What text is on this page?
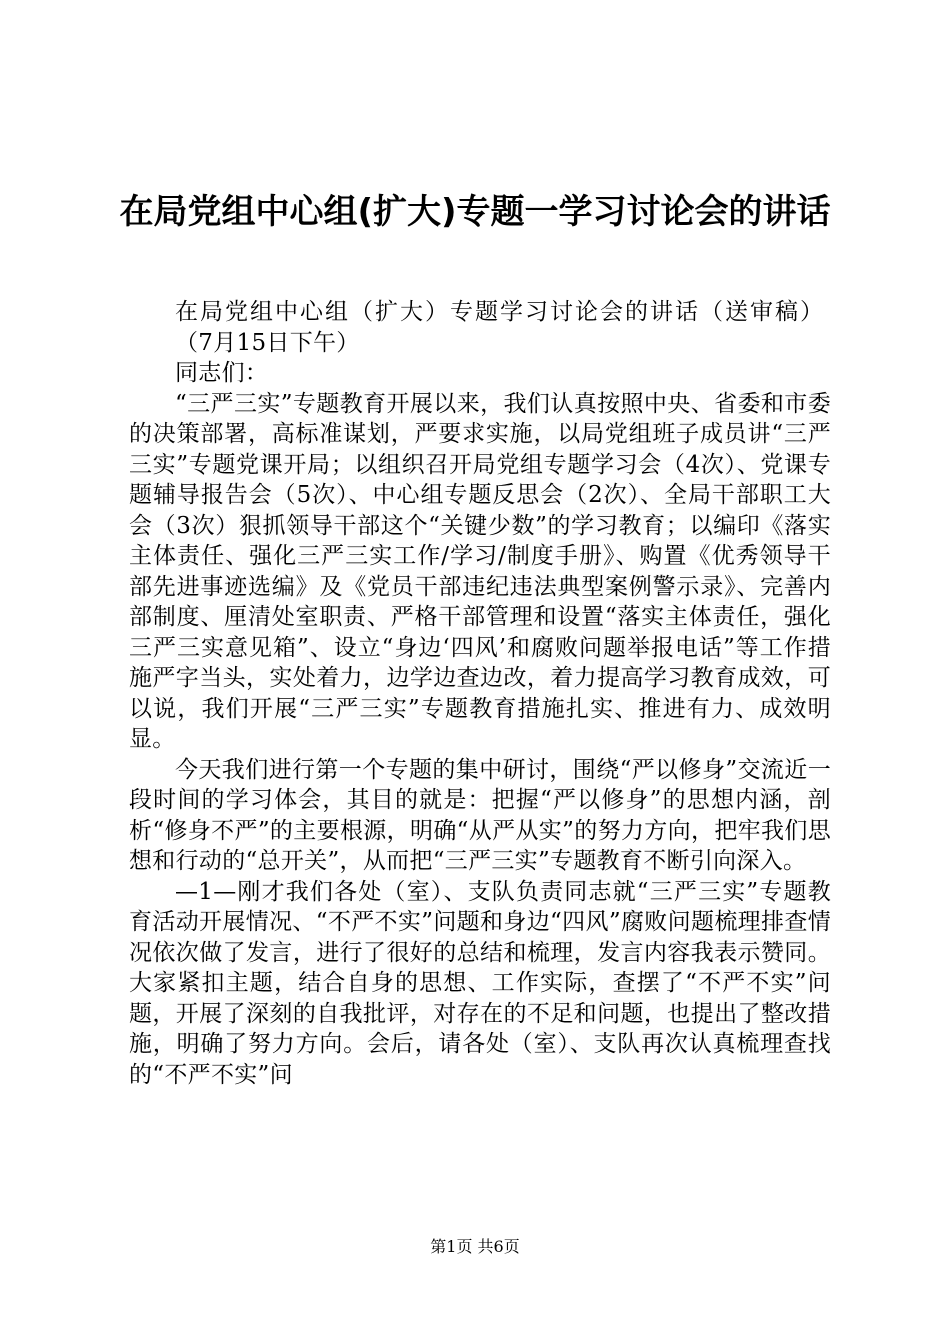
在局党组中心组(扩大)专题一学习讨论会的讲话

在局党组中心组（扩大）专题学习讨论会的讲话（送审稿）

（7月15日下午）

同志们：

“三严三实”专题教育开展以来，我们认真按照中央、省委和市委的决策部署，高标准谋划，严要求实施，以局党组班子成员讲“三严三实”专题党课开局；以组织召开局党组专题学习会（4次）、党课专题辅导报告会（5次）、中心组专题反思会（2次）、全局干部职工大会（3次）狠抓领导干部这个“关键少数”的学习教育；以编印《落实主体责任、强化三严三实工作/学习/制度手册》、购置《优秀领导干部先进事迹选编》及《党员干部违纪违法典型案例警示录》、完善内部制度、厘清处室职责、严格干部管理和设置“落实主体责任，强化三严三实意见箱”、设立“身边‘四风’和腐败问题举报电话”等工作措施严字当头，实处着力，边学边查边改，着力提高学习教育成效，可以说，我们开展“三严三实”专题教育措施扎实、推进有力、成效明显。

今天我们进行第一个专题的集中研讨，围绕“严以修身”交流近一段时间的学习体会，其目的就是：把握“严以修身”的思想内涵，剖析“修身不严”的主要根源，明确“从严从实”的努力方向，把牢我们思想和行动的“总开关”，从而把“三严三实”专题教育不断引向深入。

—1—刚才我们各处（室）、支队负责同志就“三严三实”专题教育活动开展情况、“不严不实”问题和身边“四风”腐败问题梳理排查情况依次做了发言，进行了很好的总结和梳理，发言内容我表示赞同。大家紧扣主题，结合自身的思想、工作实际，查摆了“不严不实”问题，开展了深刻的自我批评，对存在的不足和问题，也提出了整改措施，明确了努力方向。会后，请各处（室）、支队再次认真梳理查找的“不严不实”问

第1页 共6页
